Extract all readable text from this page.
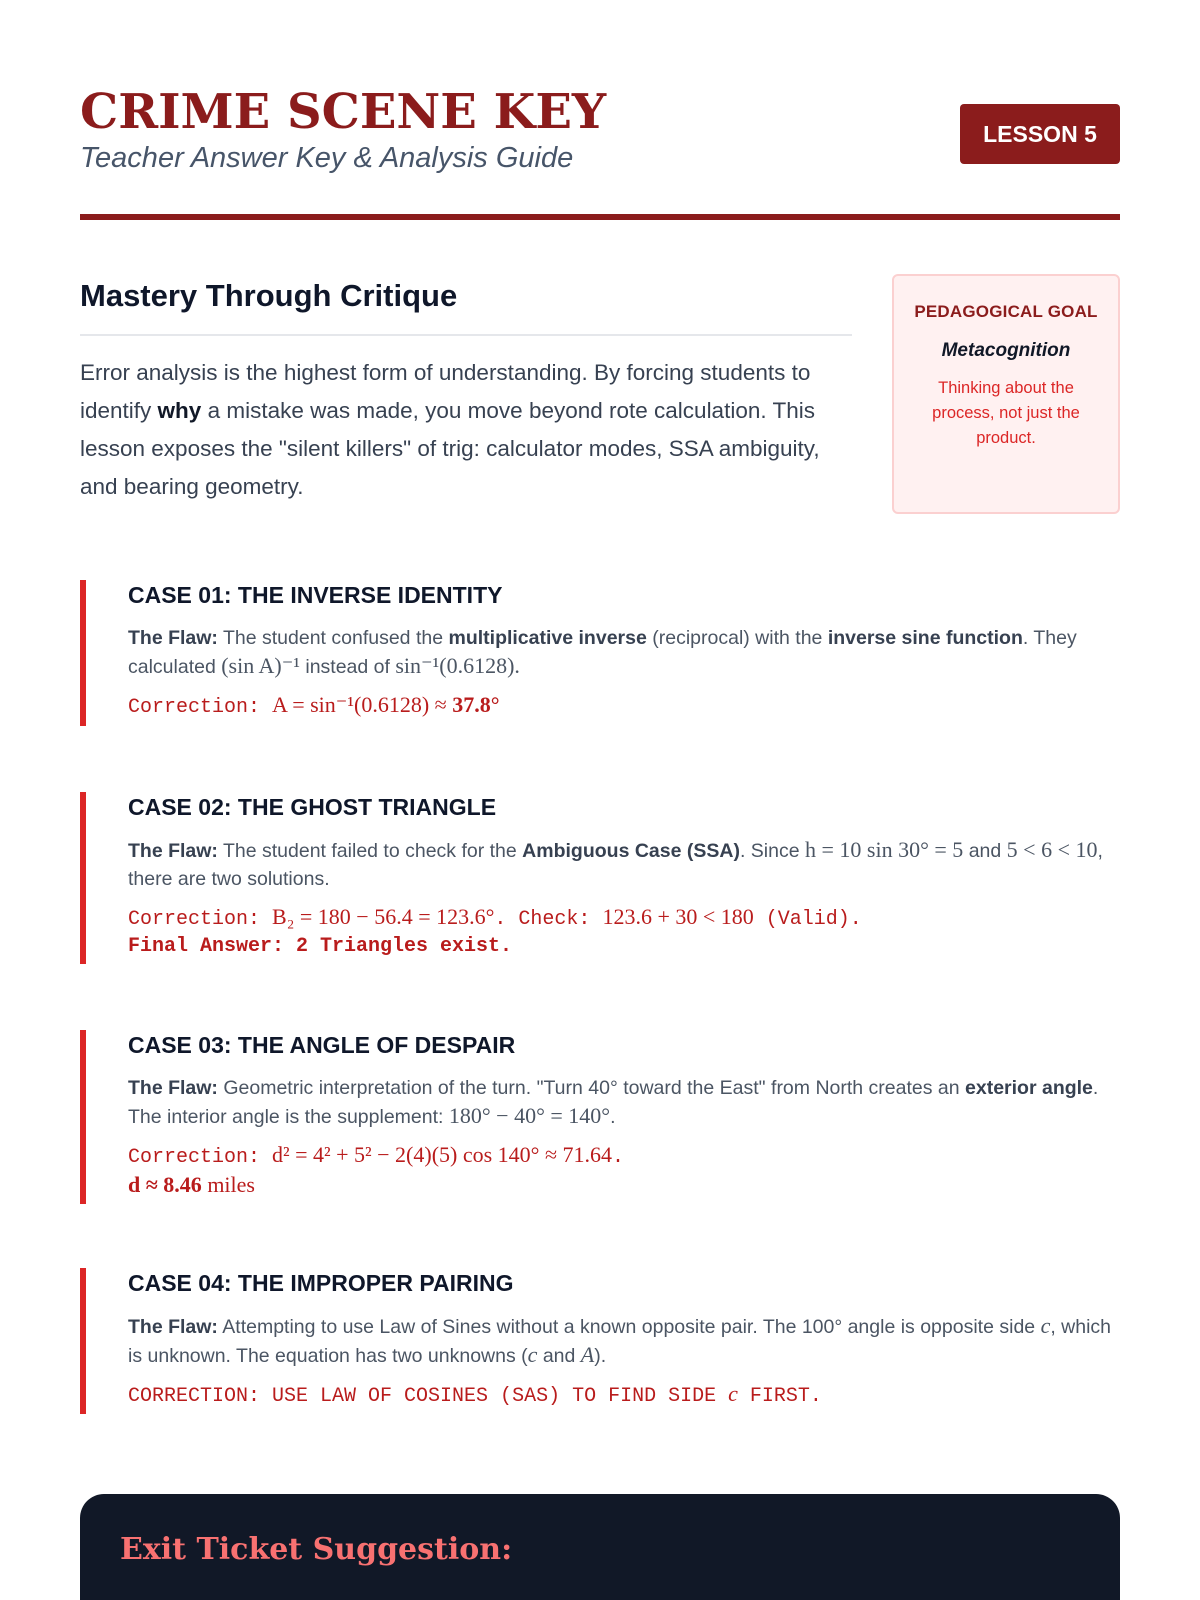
CRIME SCENE KEY
Teacher Answer Key & Analysis Guide
LESSON 5
Mastery Through Critique

Error analysis is the highest form of understanding. By forcing students to identify why a mistake was made, you move beyond rote calculation. This lesson exposes the "silent killers" of trig: calculator modes, SSA ambiguity, and bearing geometry.

PEDAGOGICAL GOAL
Metacognition
Thinking about the process, not just the product.
CASE 01: THE INVERSE IDENTITY
The Flaw: The student confused the multiplicative inverse (reciprocal) with the inverse sine function. They calculated (sin A)⁻¹ instead of sin⁻¹(0.6128).
Correction: A = sin⁻¹(0.6128) ≈ 37.8°
CASE 02: THE GHOST TRIANGLE
The Flaw: The student failed to check for the Ambiguous Case (SSA). Since h = 10 sin 30° = 5 and 5 < 6 < 10, there are two solutions.
Correction: B₂ = 180 − 56.4 = 123.6°. Check: 123.6 + 30 < 180 (Valid).
Final Answer: 2 Triangles exist.
CASE 03: THE ANGLE OF DESPAIR
The Flaw: Geometric interpretation of the turn. "Turn 40° toward the East" from North creates an exterior angle. The interior angle is the supplement: 180° − 40° = 140°.
Correction: d² = 4² + 5² − 2(4)(5) cos 140° ≈ 71.64.
d ≈ 8.46 miles
CASE 04: THE IMPROPER PAIRING
The Flaw: Attempting to use Law of Sines without a known opposite pair. The 100° angle is opposite side c, which is unknown. The equation has two unknowns (c and A).
CORRECTION: USE LAW OF COSINES (SAS) TO FIND SIDE c FIRST.
Exit Ticket Suggestion:
